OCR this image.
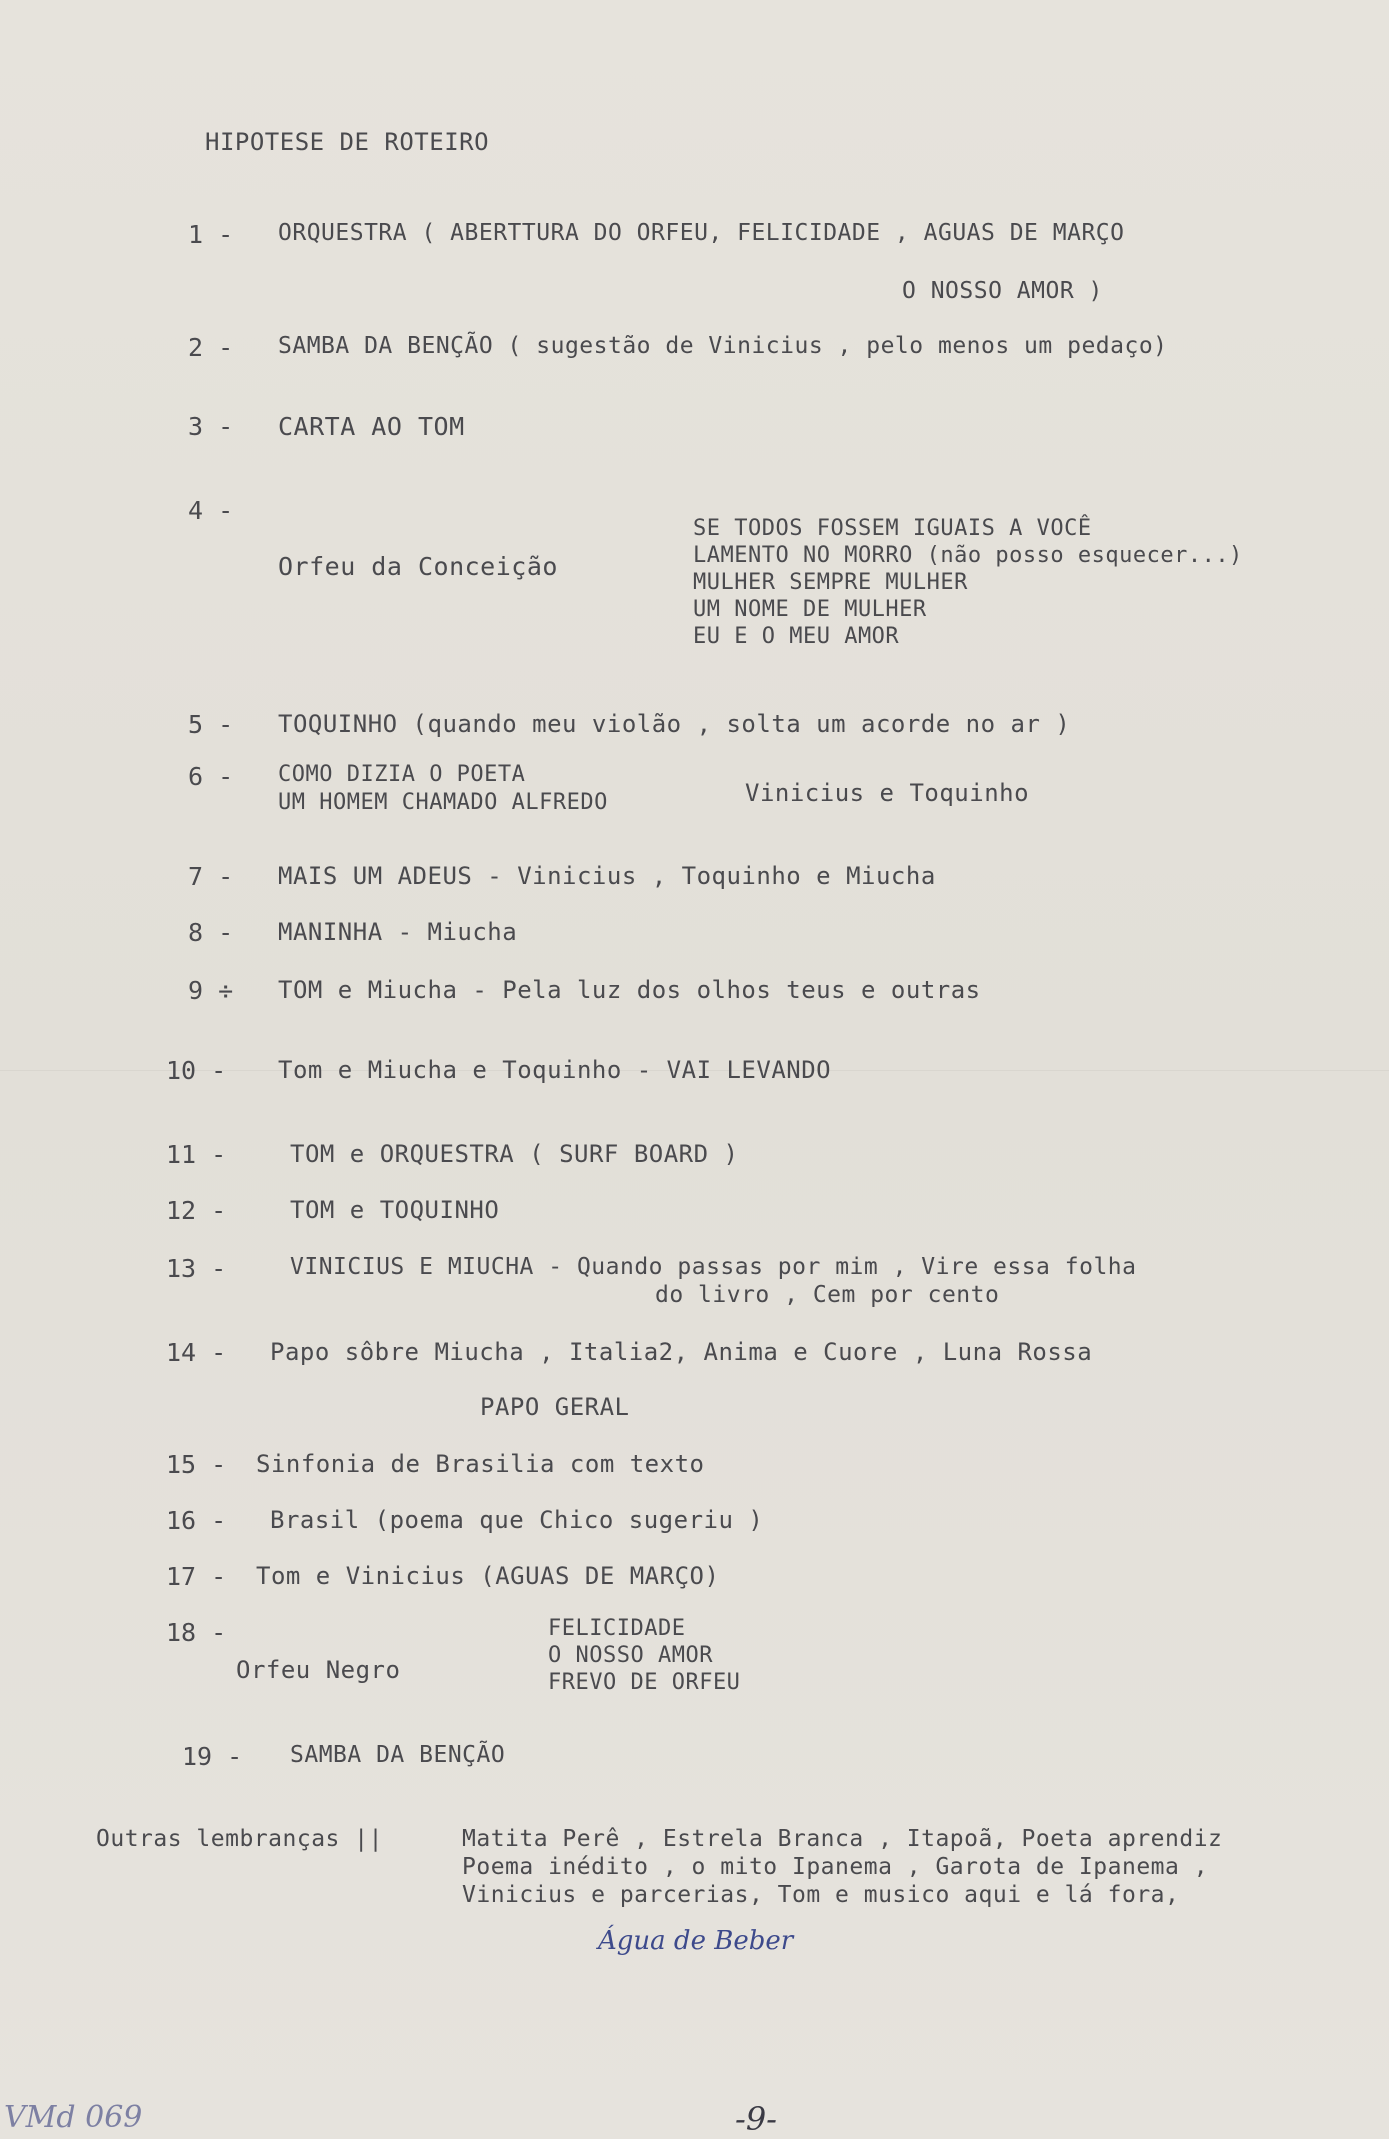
HIPOTESE DE ROTEIRO
1 - ORQUESTRA ( ABERTTURA DO ORFEU, FELICIDADE , AGUAS DE MARÇO
O NOSSO AMOR )
2 - SAMBA DA BENÇÃO ( sugestão de Vinicius , pelo menos um pedaço)
3 - CARTA AO TOM
4 -
Orfeu da Conceição
SE TODOS FOSSEM IGUAIS A VOCÊ
LAMENTO NO MORRO (não posso esquecer...)
MULHER SEMPRE MULHER
UM NOME DE MULHER
EU E O MEU AMOR
5 - TOQUINHO (quando meu violão , solta um acorde no ar )
6 - COMO DIZIA O POETA
UM HOMEM CHAMADO ALFREDO	Vinicius e Toquinho
7 - MAIS UM ADEUS - Vinicius , Toquinho e Miucha
8 - MANINHA - Miucha
9 ÷ TOM e Miucha - Pela luz dos olhos teus e outras
10 - Tom e Miucha e Toquinho - VAI LEVANDO
11 -	TOM e ORQUESTRA ( SURF BOARD )
12 -	TOM e TOQUINHO
13 -	VINICIUS E MIUCHA - Quando passas por mim , Vire essa folha
do livro , Cem por cento
14 - Papo sôbre Miucha , Italia2, Anima e Cuore , Luna Rossa
PAPO GERAL
15 - Sinfonia de Brasilia com texto
16 - Brasil (poema que Chico sugeriu )
17 - Tom e Vinicius (AGUAS DE MARÇO)
18 -
Orfeu Negro
FELICIDADE
O NOSSO AMOR
FREVO DE ORFEU
19 - SAMBA DA BENÇÃO
Outras lembranças ||	Matita Perê , Estrela Branca , Itapoã, Poeta aprendiz
Poema inédito , o mito Ipanema , Garota de Ipanema ,
Vinicius e parcerias, Tom e musico aqui e lá fora,
Água de Beber
VMd 069	-9-
